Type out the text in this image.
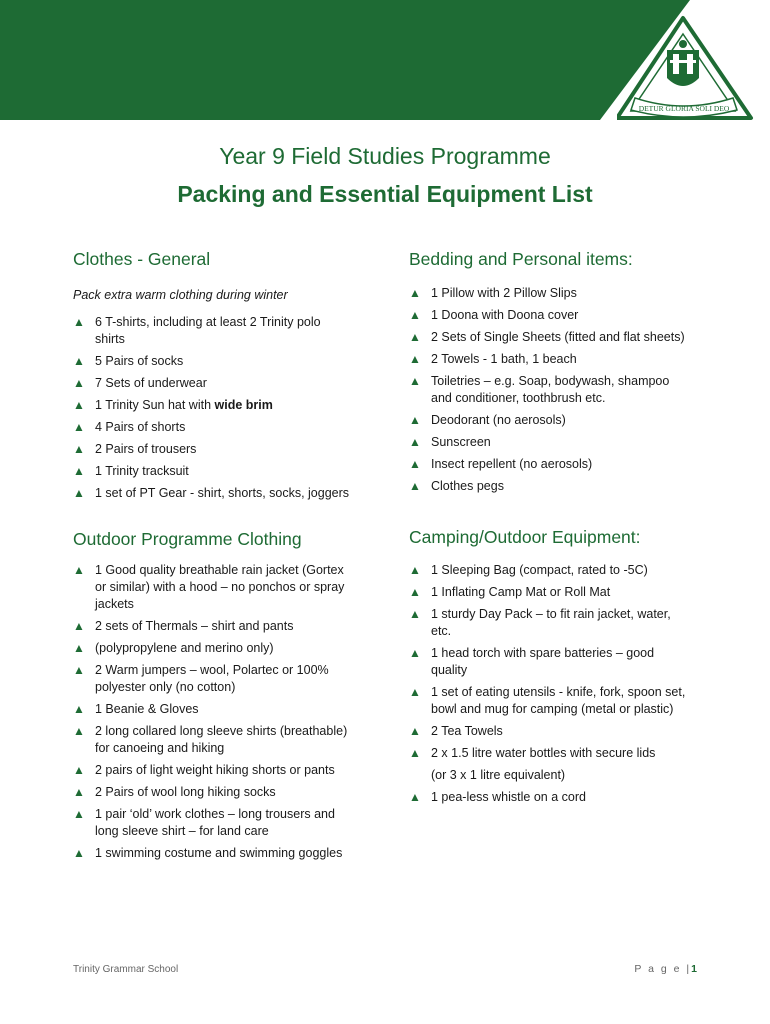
DETUR GLORIA SOLI DEO
Year 9 Field Studies Programme
Packing and Essential Equipment List
Clothes - General
Pack extra warm clothing during winter
▲ 6 T-shirts, including at least 2 Trinity polo
shirts
▲ 5 Pairs of socks
▲ 7 Sets of underwear
▲ 1 Trinity Sun hat with wide brim
▲ 4 Pairs of shorts
▲ 2 Pairs of trousers
▲ 1 Trinity tracksuit
▲ 1 set of PT Gear - shirt, shorts, socks, joggers
Bedding and Personal items:
▲ 1 Pillow with 2 Pillow Slips
▲ 1 Doona with Doona cover
▲ 2 Sets of Single Sheets (fitted and flat sheets)
▲ 2 Towels - 1 bath, 1 beach
▲ Toiletries – e.g. Soap, bodywash, shampoo
and conditioner, toothbrush etc.
▲ Deodorant (no aerosols)
▲ Sunscreen
▲ Insect repellent (no aerosols)
▲ Clothes pegs
Outdoor Programme Clothing
▲ 1 Good quality breathable rain jacket (Gortex
or similar) with a hood – no ponchos or spray
jackets
▲ 2 sets of Thermals – shirt and pants
▲ (polypropylene and merino only)
▲ 2 Warm jumpers – wool, Polartec or 100%
polyester only (no cotton)
▲ 1 Beanie & Gloves
▲ 2 long collared long sleeve shirts (breathable)
for canoeing and hiking
▲ 2 pairs of light weight hiking shorts or pants
▲ 2 Pairs of wool long hiking socks
▲ 1 pair ‘old’ work clothes – long trousers and
long sleeve shirt – for land care
▲ 1 swimming costume and swimming goggles
Camping/Outdoor Equipment:
▲ 1 Sleeping Bag (compact, rated to -5C)
▲ 1 Inflating Camp Mat or Roll Mat
▲ 1 sturdy Day Pack – to fit rain jacket, water,
etc.
▲ 1 head torch with spare batteries – good
quality
▲ 1 set of eating utensils - knife, fork, spoon set,
bowl and mug for camping (metal or plastic)
▲ 2 Tea Towels
▲ 2 x 1.5 litre water bottles with secure lids
(or 3 x 1 litre equivalent)
▲ 1 pea-less whistle on a cord
Trinity Grammar School	P a g e |1
